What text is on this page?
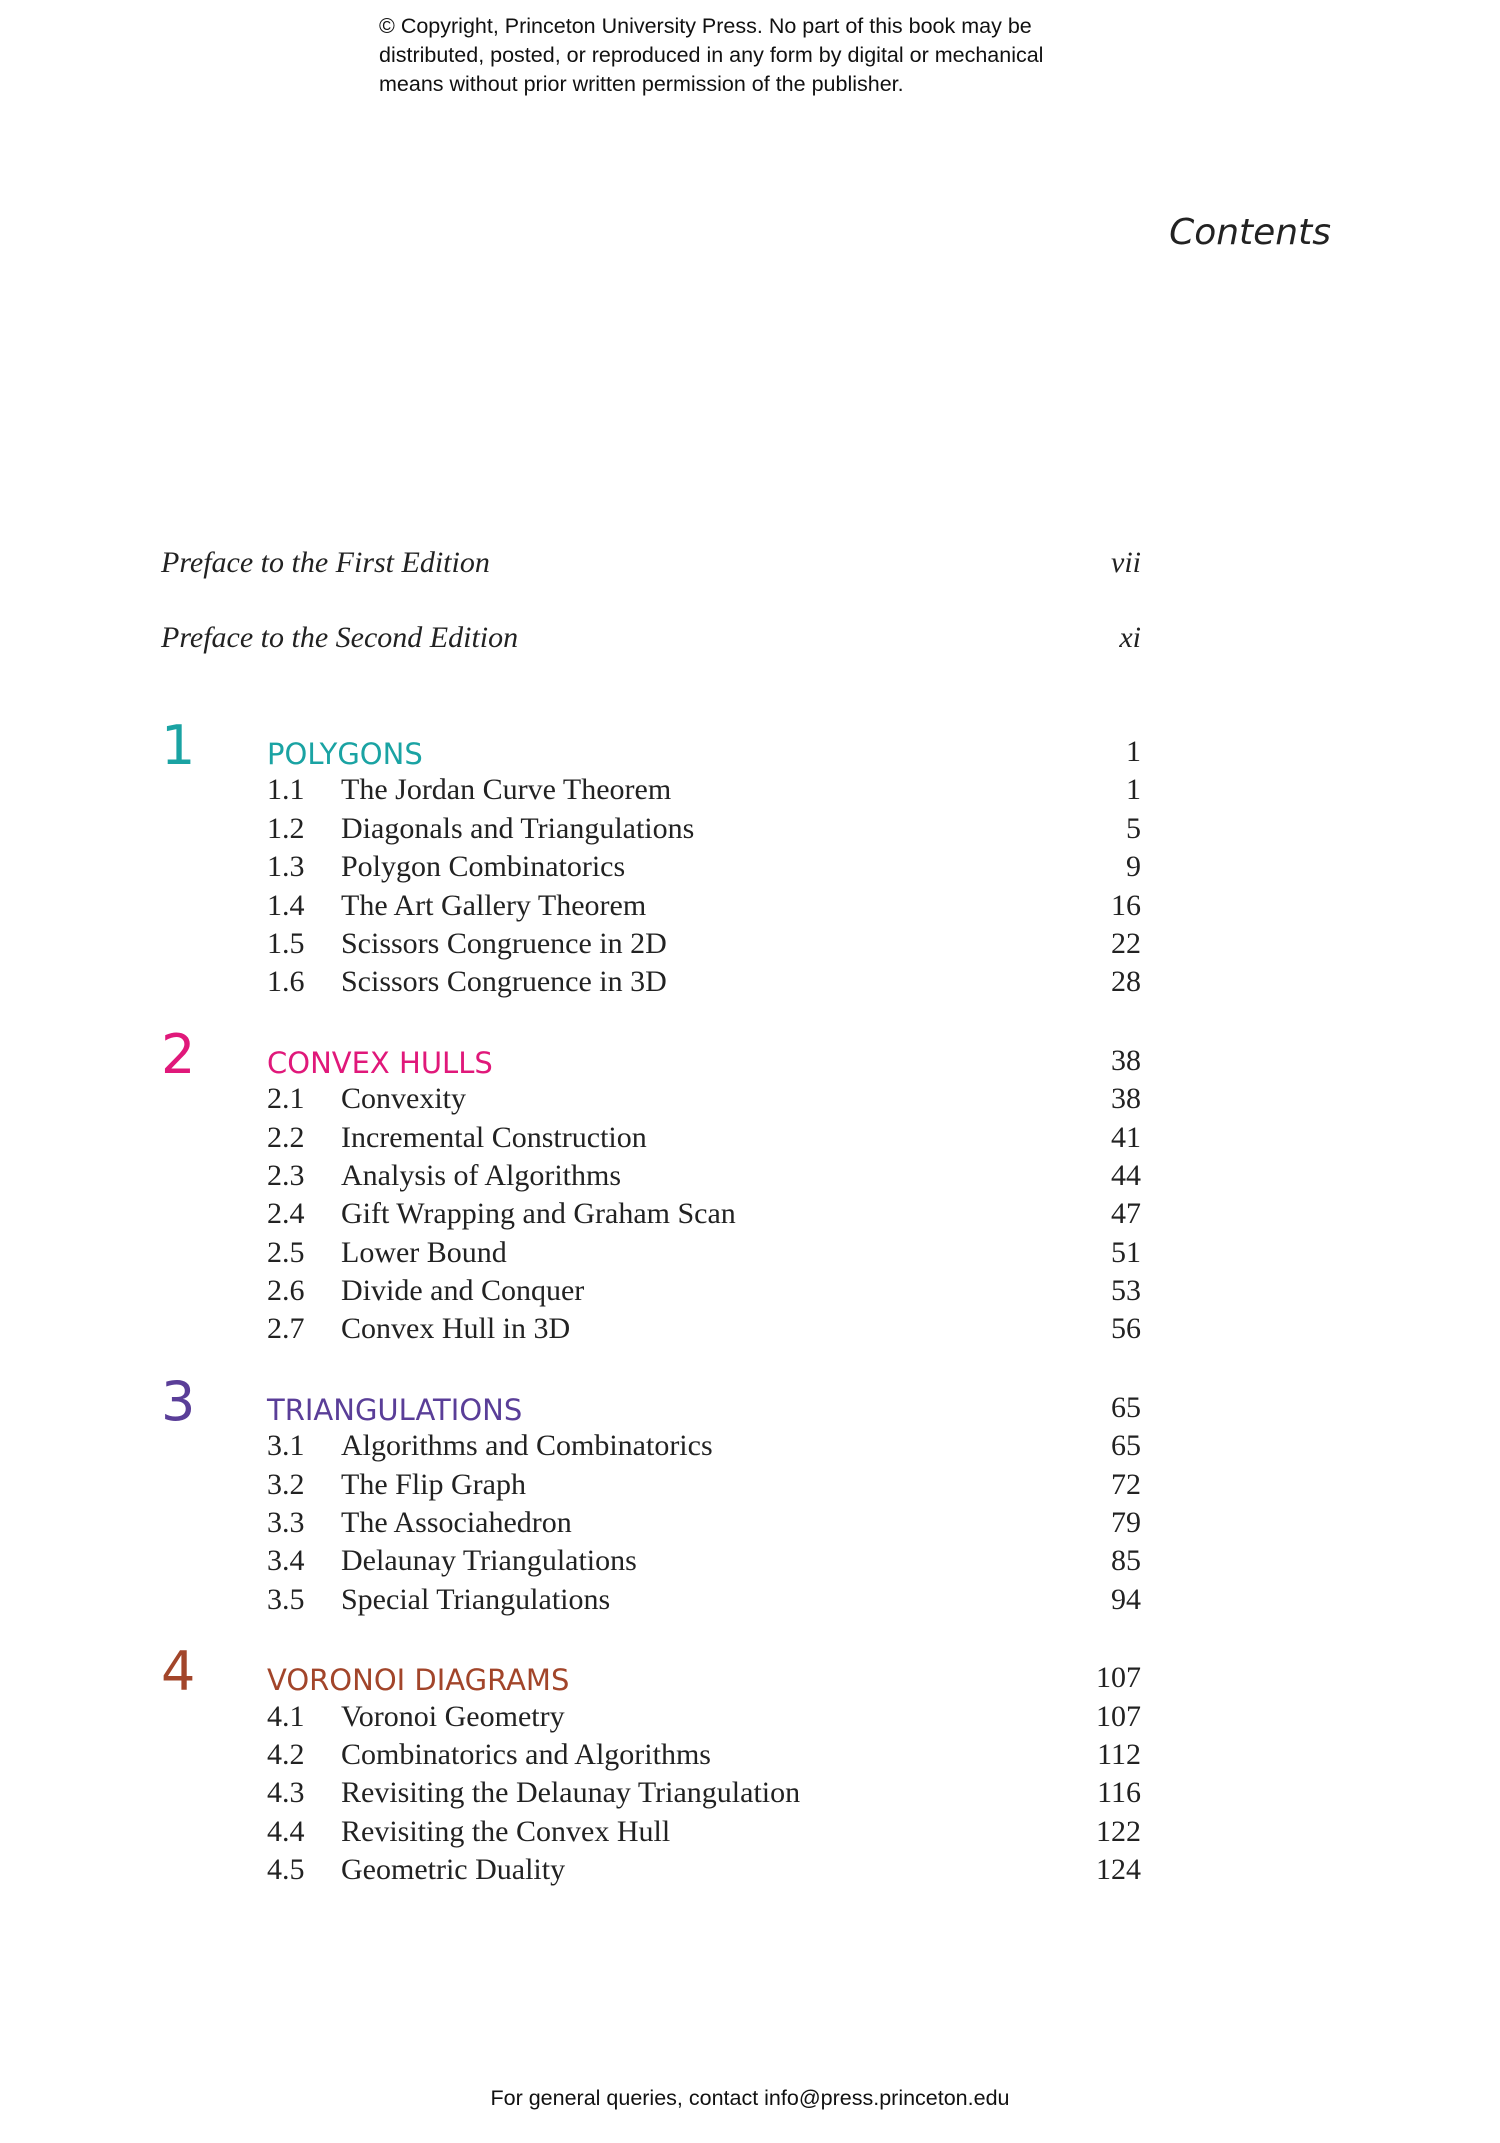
© Copyright, Princeton University Press. No part of this book may be
distributed, posted, or reproduced in any form by digital or mechanical
means without prior written permission of the publisher.
Contents
Preface to the First Edition	vii
Preface to the Second Edition	xi
1 POLYGONS	1
1.1 The Jordan Curve Theorem	1
1.2 Diagonals and Triangulations	5
1.3 Polygon Combinatorics	9
1.4 The Art Gallery Theorem	16
1.5 Scissors Congruence in 2D	22
1.6 Scissors Congruence in 3D	28
2 CONVEX HULLS	38
2.1 Convexity	38
2.2 Incremental Construction	41
2.3 Analysis of Algorithms	44
2.4 Gift Wrapping and Graham Scan	47
2.5 Lower Bound	51
2.6 Divide and Conquer	53
2.7 Convex Hull in 3D	56
3 TRIANGULATIONS	65
3.1 Algorithms and Combinatorics	65
3.2 The Flip Graph	72
3.3 The Associahedron	79
3.4 Delaunay Triangulations	85
3.5 Special Triangulations	94
4 VORONOI DIAGRAMS	107
4.1 Voronoi Geometry	107
4.2 Combinatorics and Algorithms	112
4.3 Revisiting the Delaunay Triangulation	116
4.4 Revisiting the Convex Hull	122
4.5 Geometric Duality	124
For general queries, contact info@press.princeton.edu
